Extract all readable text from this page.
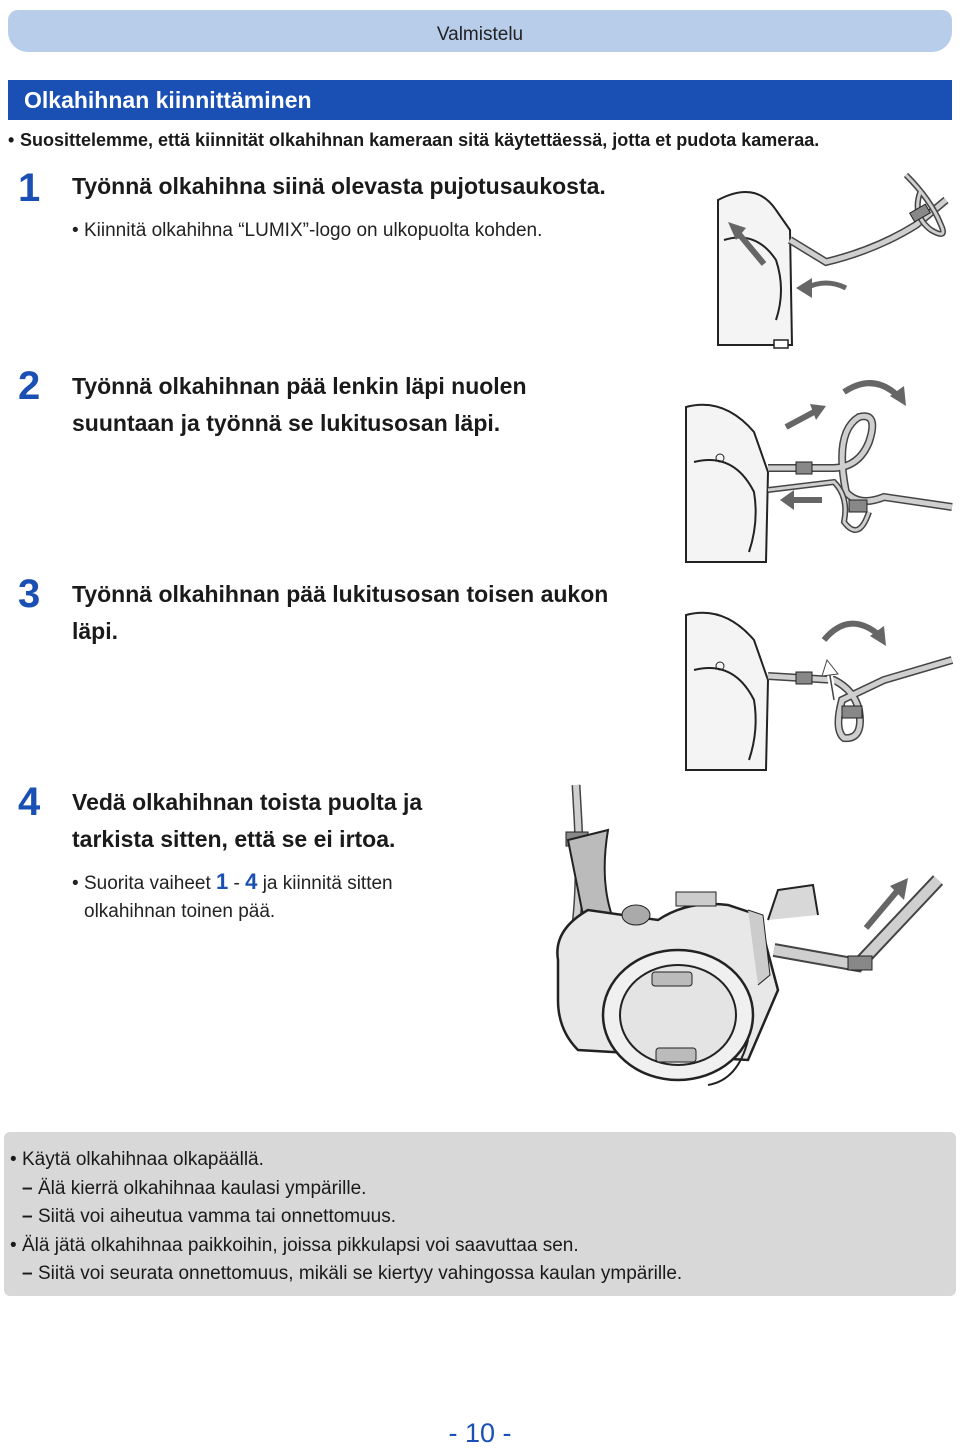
Valmistelu
Olkahihnan kiinnittäminen
• Suosittelemme, että kiinnität olkahihnan kameraan sitä käytettäessä, jotta et pudota kameraa.
1 Työnnä olkahihna siinä olevasta pujotusaukosta.
• Kiinnitä olkahihna “LUMIX”-logo on ulkopuolta kohden.
2 Työnnä olkahihnan pää lenkin läpi nuolen
suuntaan ja työnnä se lukitusosan läpi.
3 Työnnä olkahihnan pää lukitusosan toisen aukon
läpi.
4 Vedä olkahihnan toista puolta ja
tarkista sitten, että se ei irtoa.
• Suorita vaiheet 1 - 4 ja kiinnitä sitten
olkahihnan toinen pää.
• Käytä olkahihnaa olkapäällä.
– Älä kierrä olkahihnaa kaulasi ympärille.
– Siitä voi aiheutua vamma tai onnettomuus.
• Älä jätä olkahihnaa paikkoihin, joissa pikkulapsi voi saavuttaa sen.
– Siitä voi seurata onnettomuus, mikäli se kiertyy vahingossa kaulan ympärille.
- 10 -
